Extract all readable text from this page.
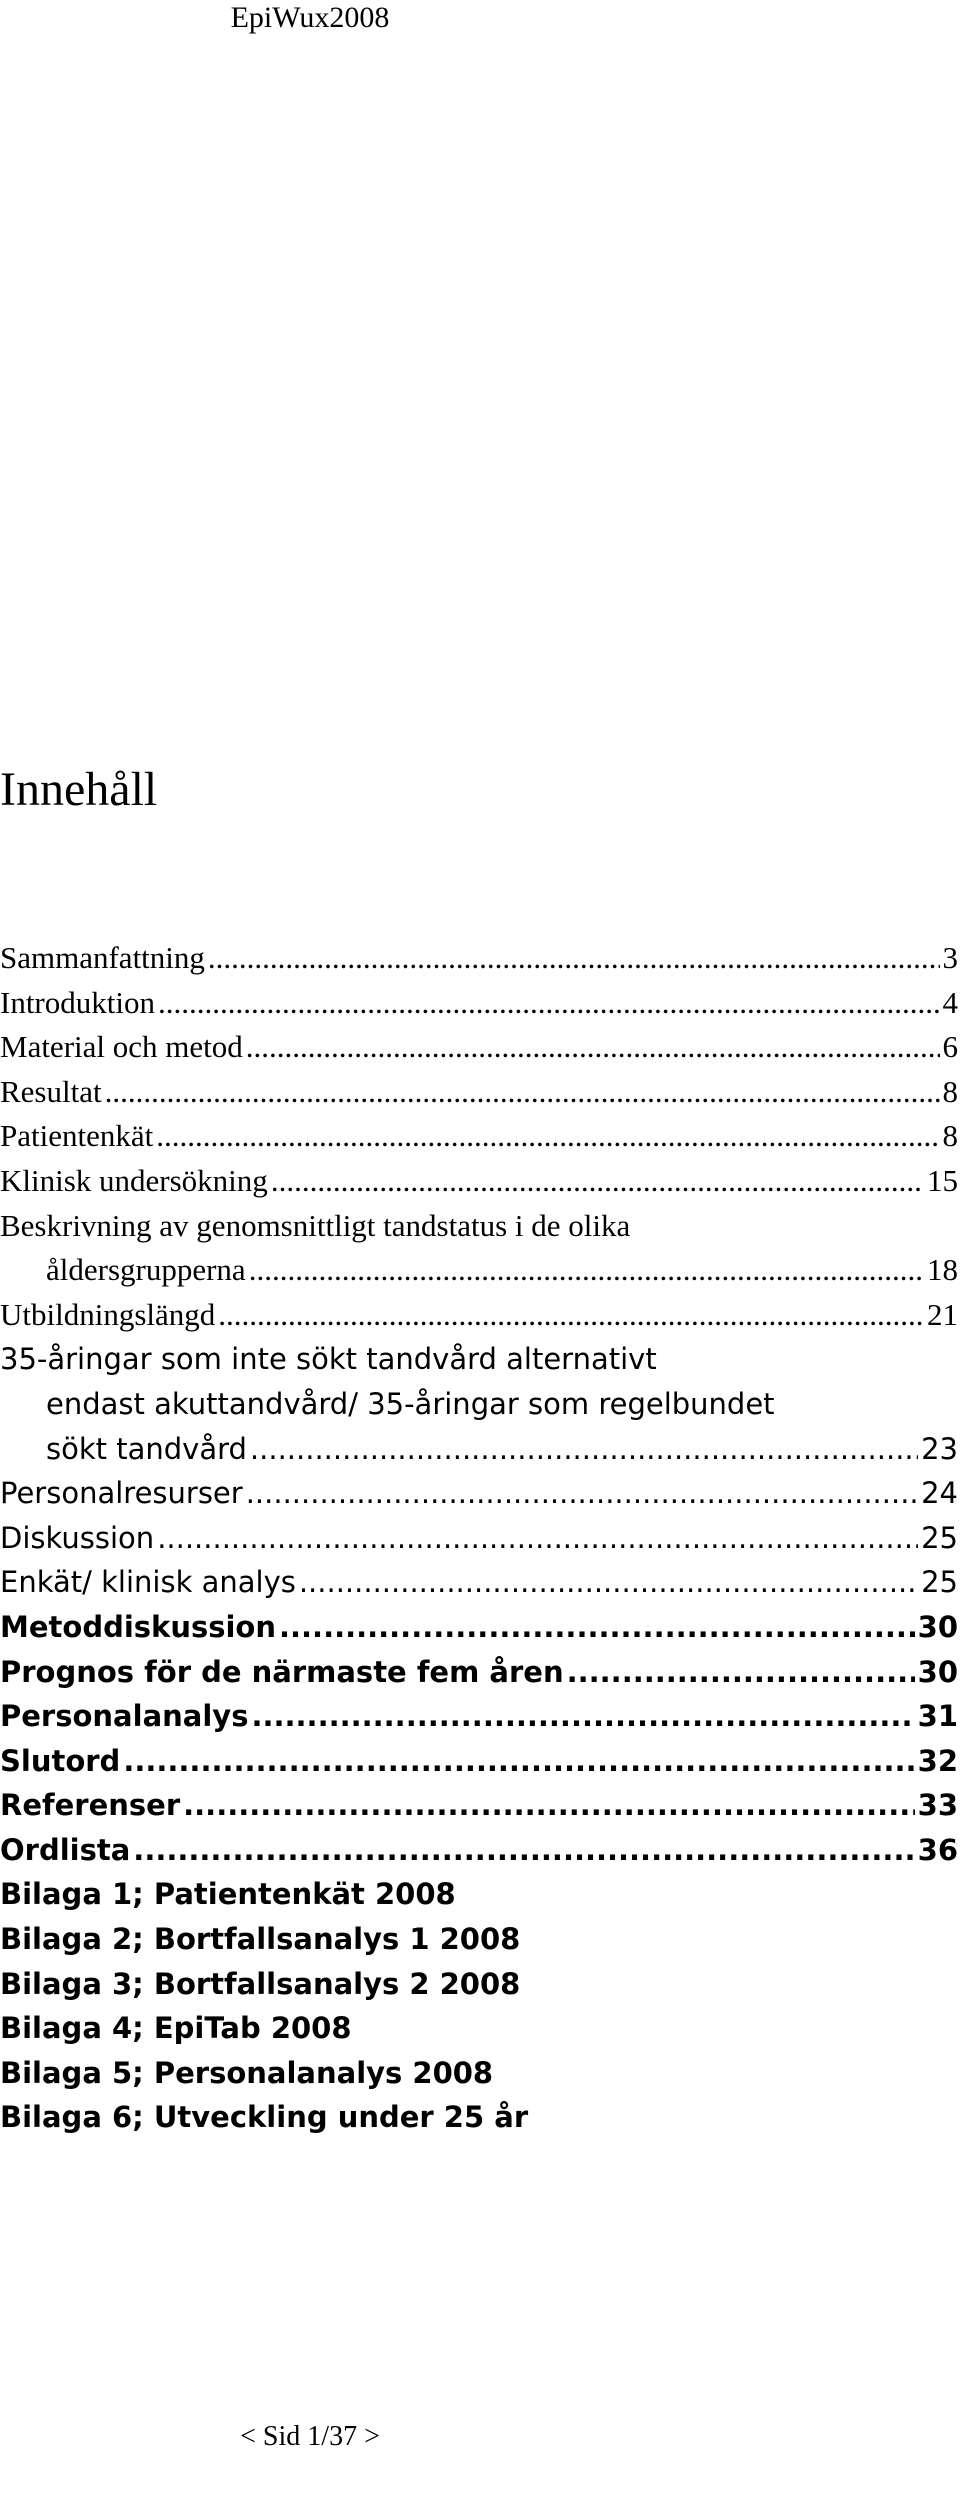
EpiWux2008
Innehåll
Sammanfattning .....	3
Introduktion .....	4
Material och metod .....	6
Resultat .....	8
Patientenkät .....	8
Klinisk undersökning .....	15
Beskrivning av genomsnittligt tandstatus i de olika
åldersgrupperna .....	18
Utbildningslängd .....	21
35-åringar som inte sökt tandvård alternativt
endast akuttandvård/ 35-åringar som regelbundet
sökt tandvård .....	23
Personalresurser .....	24
Diskussion .....	25
Enkät/ klinisk analys .....	25
Metoddiskussion .....	30
Prognos för de närmaste fem åren .....	30
Personalanalys .....	31
Slutord .....	32
Referenser .....	33
Ordlista .....	36
Bilaga 1; Patientenkät 2008
Bilaga 2; Bortfallsanalys 1 2008
Bilaga 3; Bortfallsanalys 2 2008
Bilaga 4; EpiTab 2008
Bilaga 5; Personalanalys 2008
Bilaga 6; Utveckling under 25 år
< Sid 1/37 >
